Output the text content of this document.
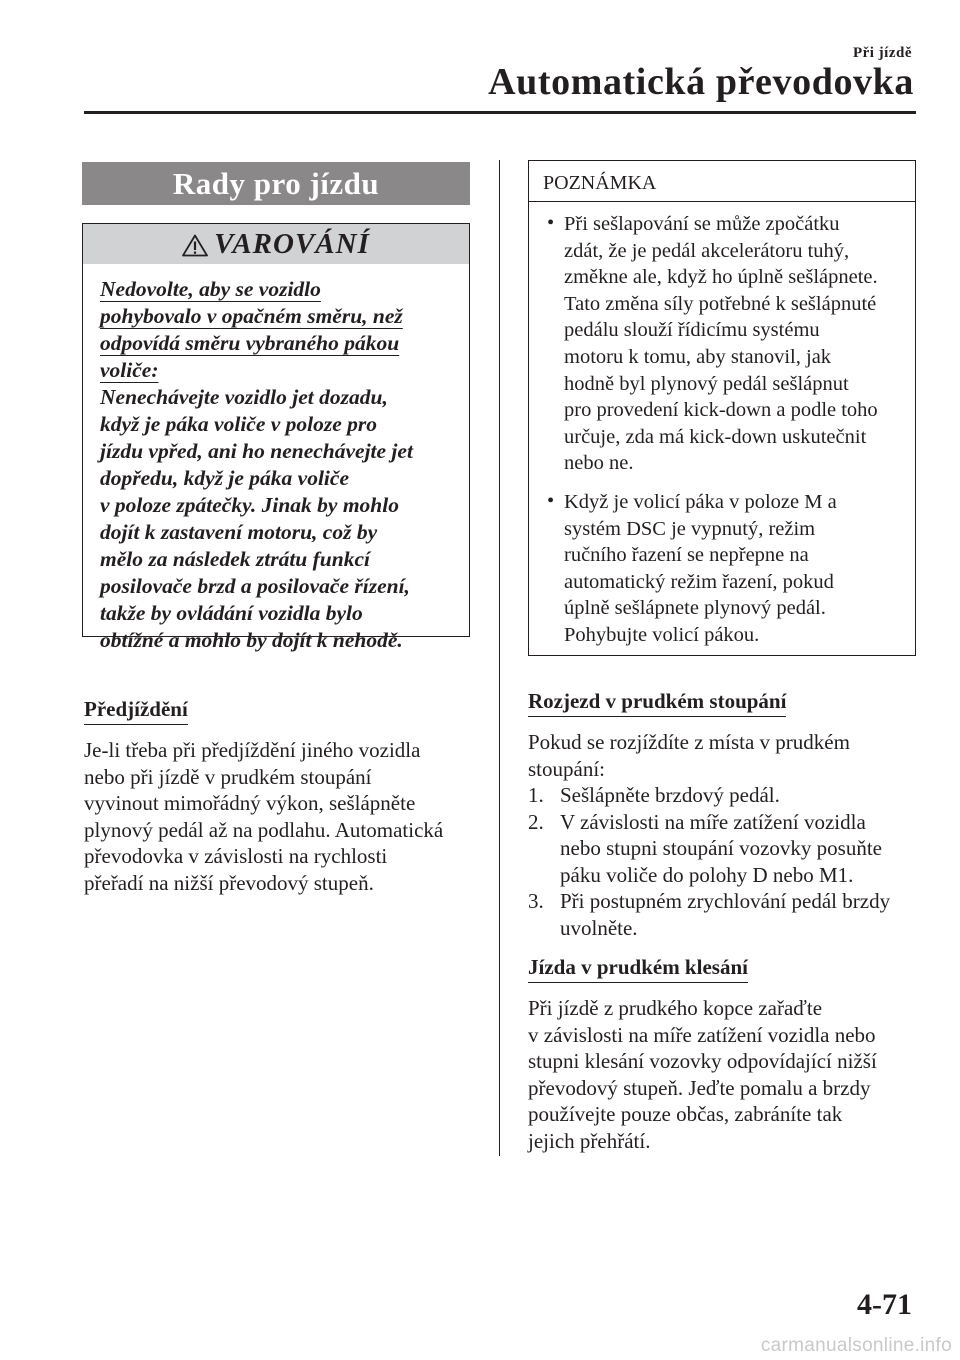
Při jízdě
Automatická převodovka
Rady pro jízdu
VAROVÁNÍ
Nedovolte, aby se vozidlo
pohybovalo v opačném směru, než
odpovídá směru vybraného pákou
voliče:
Nenechávejte vozidlo jet dozadu,
když je páka voliče v poloze pro
jízdu vpřed, ani ho nenechávejte jet
dopředu, když je páka voliče
v poloze zpátečky. Jinak by mohlo
dojít k zastavení motoru, což by
mělo za následek ztrátu funkcí
posilovače brzd a posilovače řízení,
takže by ovládání vozidla bylo
obtížné a mohlo by dojít k nehodě.
Předjíždění
Je-li třeba při předjíždění jiného vozidla
nebo při jízdě v prudkém stoupání
vyvinout mimořádný výkon, sešlápněte
plynový pedál až na podlahu. Automatická
převodovka v závislosti na rychlosti
přeřadí na nižší převodový stupeň.
POZNÁMKA
• Při sešlapování se může zpočátku
zdát, že je pedál akcelerátoru tuhý,
změkne ale, když ho úplně sešlápnete.
Tato změna síly potřebné k sešlápnuté
pedálu slouží řídicímu systému
motoru k tomu, aby stanovil, jak
hodně byl plynový pedál sešlápnut
pro provedení kick-down a podle toho
určuje, zda má kick-down uskutečnit
nebo ne.
• Když je volicí páka v poloze M a
systém DSC je vypnutý, režim
ručního řazení se nepřepne na
automatický režim řazení, pokud
úplně sešlápnete plynový pedál.
Pohybujte volicí pákou.
Rozjezd v prudkém stoupání
Pokud se rozjíždíte z místa v prudkém
stoupání:
1. Sešlápněte brzdový pedál.
2. V závislosti na míře zatížení vozidla
nebo stupni stoupání vozovky posuňte
páku voliče do polohy D nebo M1.
3. Při postupném zrychlování pedál brzdy
uvolněte.
Jízda v prudkém klesání
Při jízdě z prudkého kopce zařaďte
v závislosti na míře zatížení vozidla nebo
stupni klesání vozovky odpovídající nižší
převodový stupeň. Jeďte pomalu a brzdy
používejte pouze občas, zabráníte tak
jejich přehřátí.
4-71
carmanualsonline.info
